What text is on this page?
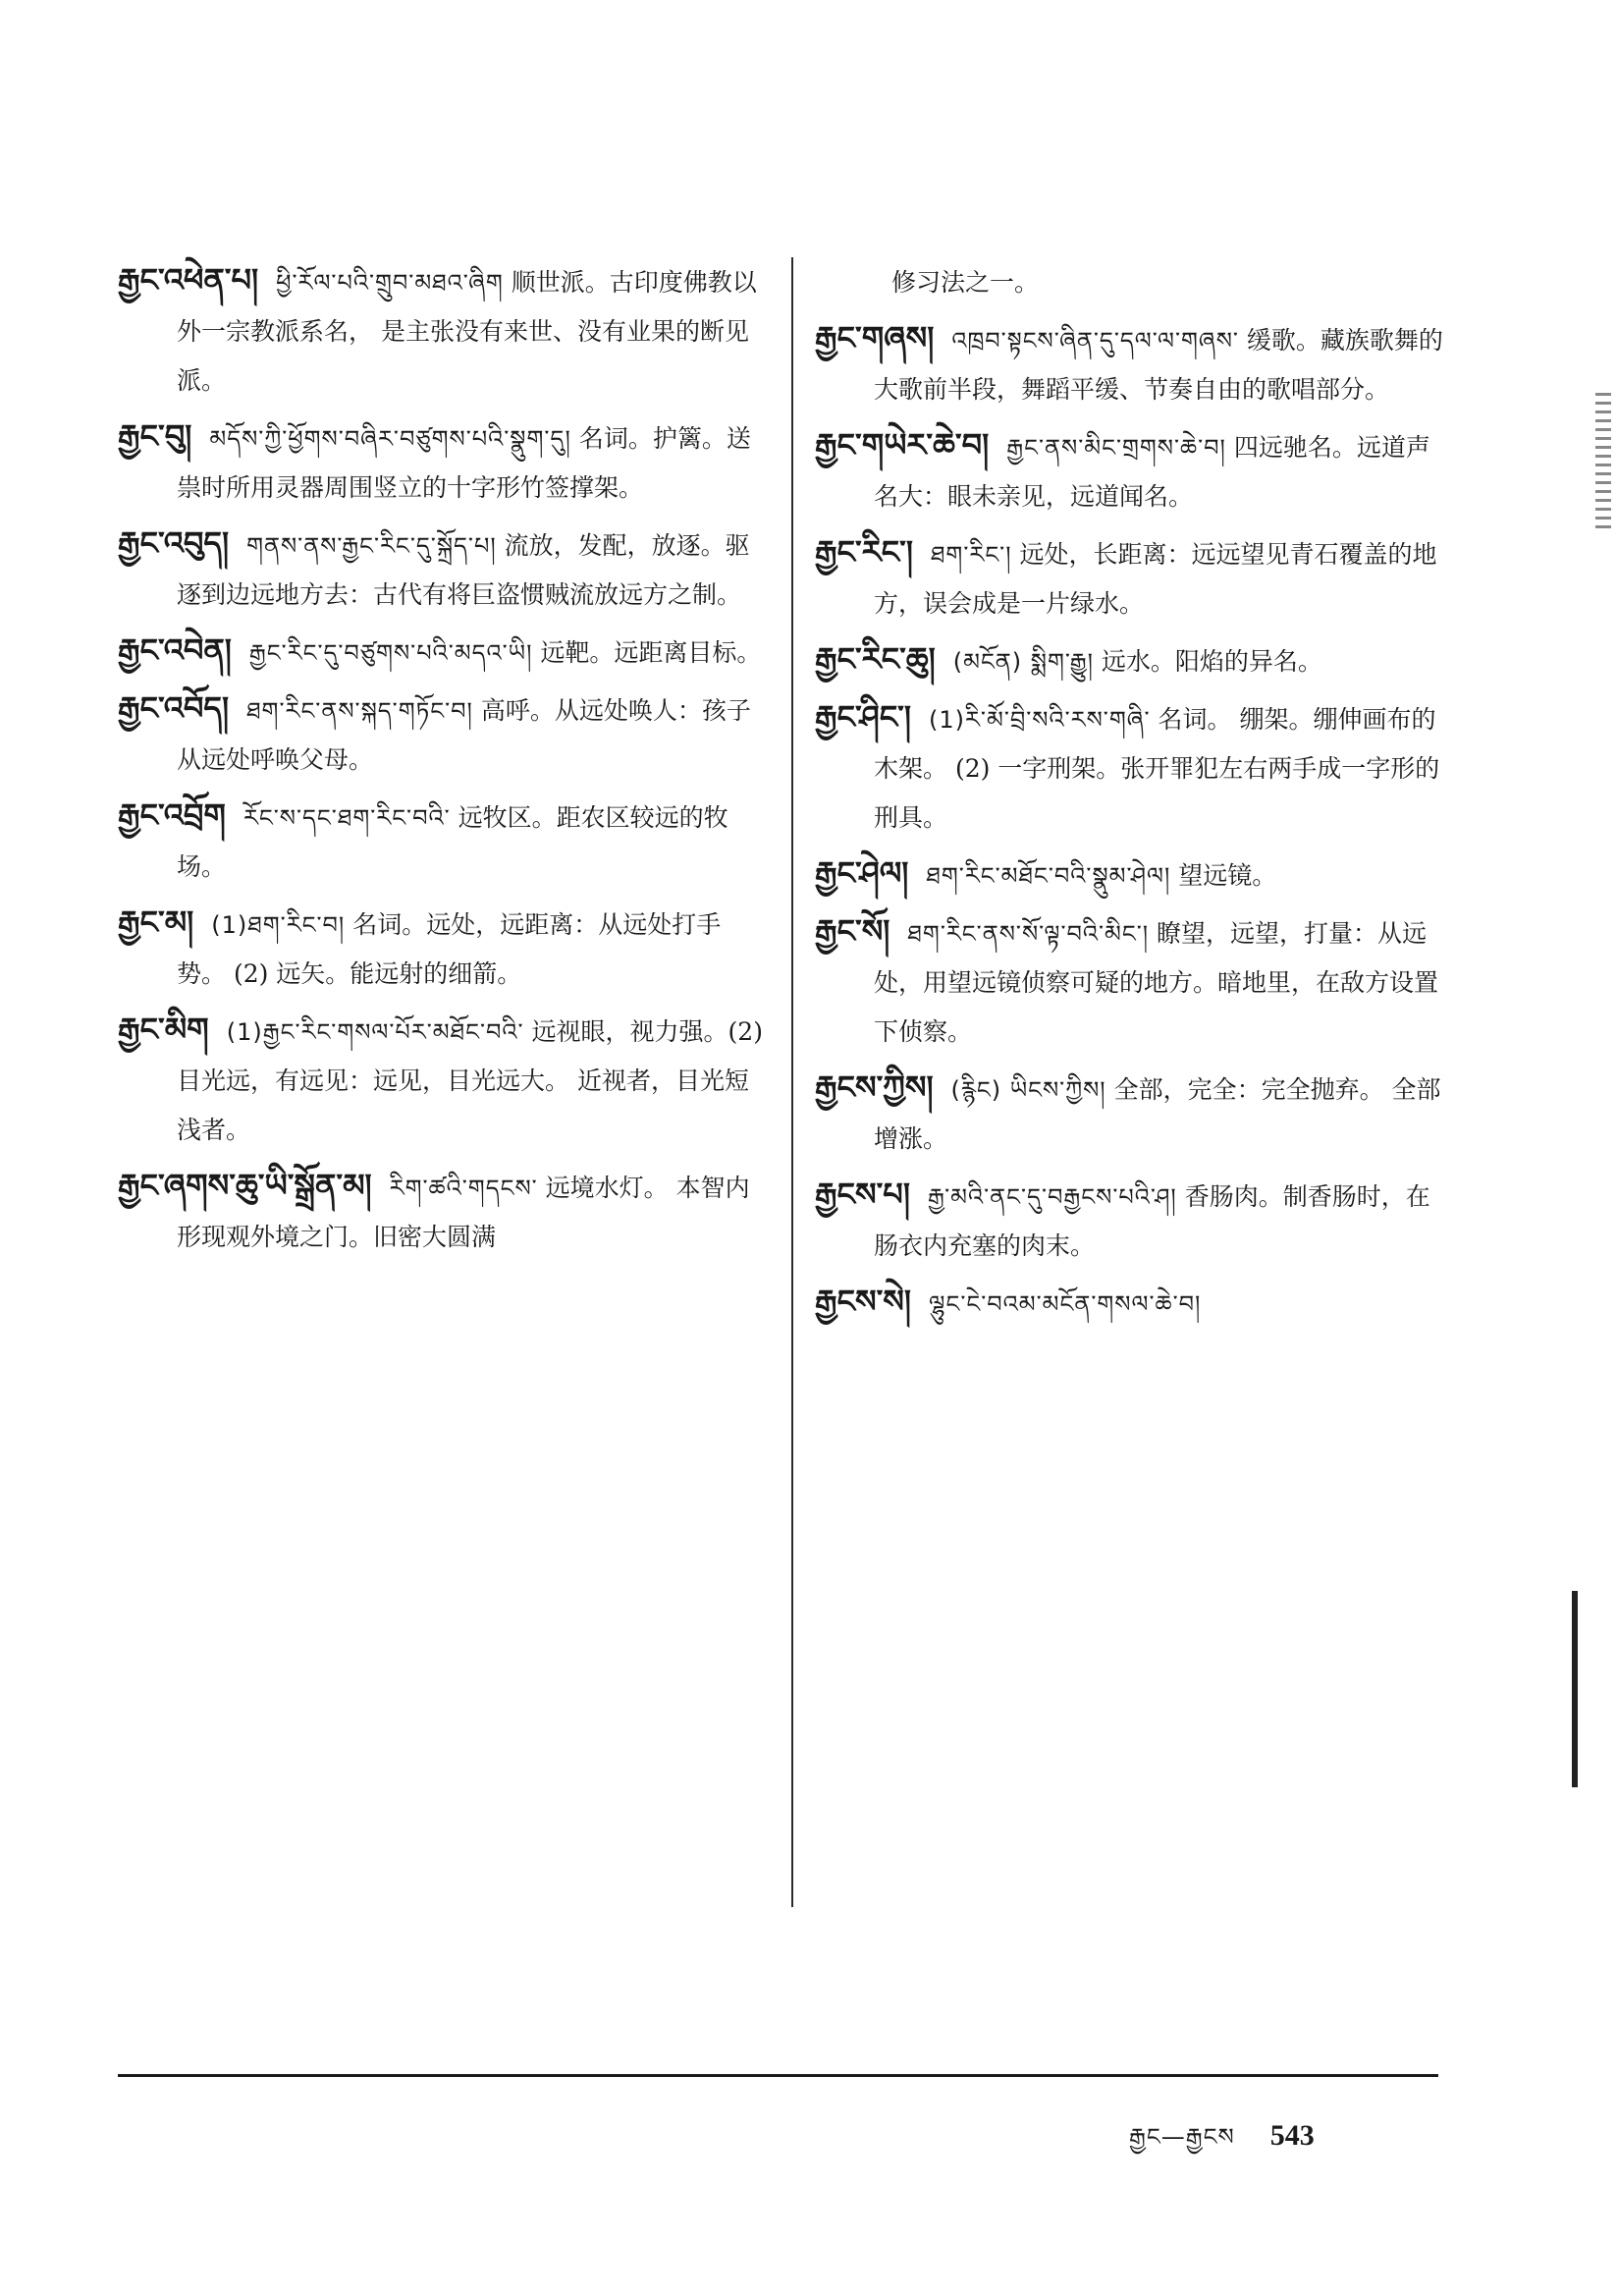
རྒྱང་འཕེན་པ། ཕྱི་རོལ་པའི་གྲུབ་མཐའ་ཞིག 顺世派。古印度佛教以外一宗教派系名， 是主张没有来世、没有业果的断见派。
རྒྱང་བུ། མདོས་ཀྱི་ཕྱོགས་བཞིར་བཙུགས་པའི་སྣུག་དུ། 名词。护篱。送祟时所用灵器周围竖立的十字形竹签撑架。
རྒྱང་འབུད། གནས་ནས་རྒྱང་རིང་དུ་སྐྲོད་པ། 流放，发配，放逐。驱逐到边远地方去：古代有将巨盗惯贼流放远方之制。
རྒྱང་འབེན། རྒྱང་རིང་དུ་བཙུགས་པའི་མདའ་ཡི། 远靶。远距离目标。
རྒྱང་འབོད། ཐག་རིང་ནས་སྐད་གཏོང་བ། 高呼。从远处唤人：孩子从远处呼唤父母。
རྒྱང་འབྲོག རོང་ས་དང་ཐག་རིང་བའི་ 远牧区。距农区较远的牧场。
རྒྱང་མ། (1)ཐག་རིང་བ། 名词。远处，远距离：从远处打手势。 (2) 远矢。能远射的细箭。
རྒྱང་མིག (1)རྒྱང་རིང་གསལ་པོར་མཐོང་བའི་ 远视眼，视力强。(2) 目光远，有远见：远见，目光远大。 近视者，目光短浅者。
རྒྱང་ཞགས་ཆུ་ཡི་སྒྲོན་མ། རིག་ཚའི་གདངས་ 远境水灯。 本智内形现观外境之门。旧密大圆满
修习法之一。
རྒྱང་གཞས། འཁྲབ་སྟངས་ཞིན་དུ་དལ་ལ་གཞས་ 缓歌。藏族歌舞的大歌前半段，舞蹈平缓、节奏自由的歌唱部分。
རྒྱང་གཡེར་ཆེ་བ། རྒྱང་ནས་མིང་གྲགས་ཆེ་བ། 四远驰名。远道声名大：眼未亲见，远道闻名。
རྒྱང་རིང་། ཐག་རིང་། 远处，长距离：远远望见青石覆盖的地方，误会成是一片绿水。
རྒྱང་རིང་ཆུ། (མངོན) སྨིག་རྒྱུ། 远水。阳焰的异名。
རྒྱང་ཤིང་། (1)རི་མོ་བྲི་སའི་རས་གཞི་ 名词。 绷架。绷伸画布的木架。 (2) 一字刑架。张开罪犯左右两手成一字形的刑具。
རྒྱང་ཤེལ། ཐག་རིང་མཐོང་བའི་སྣུམ་ཤེལ། 望远镜。
རྒྱང་སོ། ཐག་རིང་ནས་སོ་ལྟ་བའི་མིང་། 瞭望，远望，打量：从远处，用望远镜侦察可疑的地方。暗地里，在敌方设置下侦察。
རྒྱངས་ཀྱིས། (རྙིང) ཡིངས་ཀྱིས། 全部，完全：完全抛弃。 全部增涨。
རྒྱངས་པ། རྒྱ་མའི་ནང་དུ་བརྒྱངས་པའི་ཤ། 香肠肉。制香肠时，在肠衣内充塞的肉末。
རྒྱངས་སེ། ལྷུང་ངེ་བའམ་མངོན་གསལ་ཆེ་བ།
རྒྱང—རྒྱངས 543
